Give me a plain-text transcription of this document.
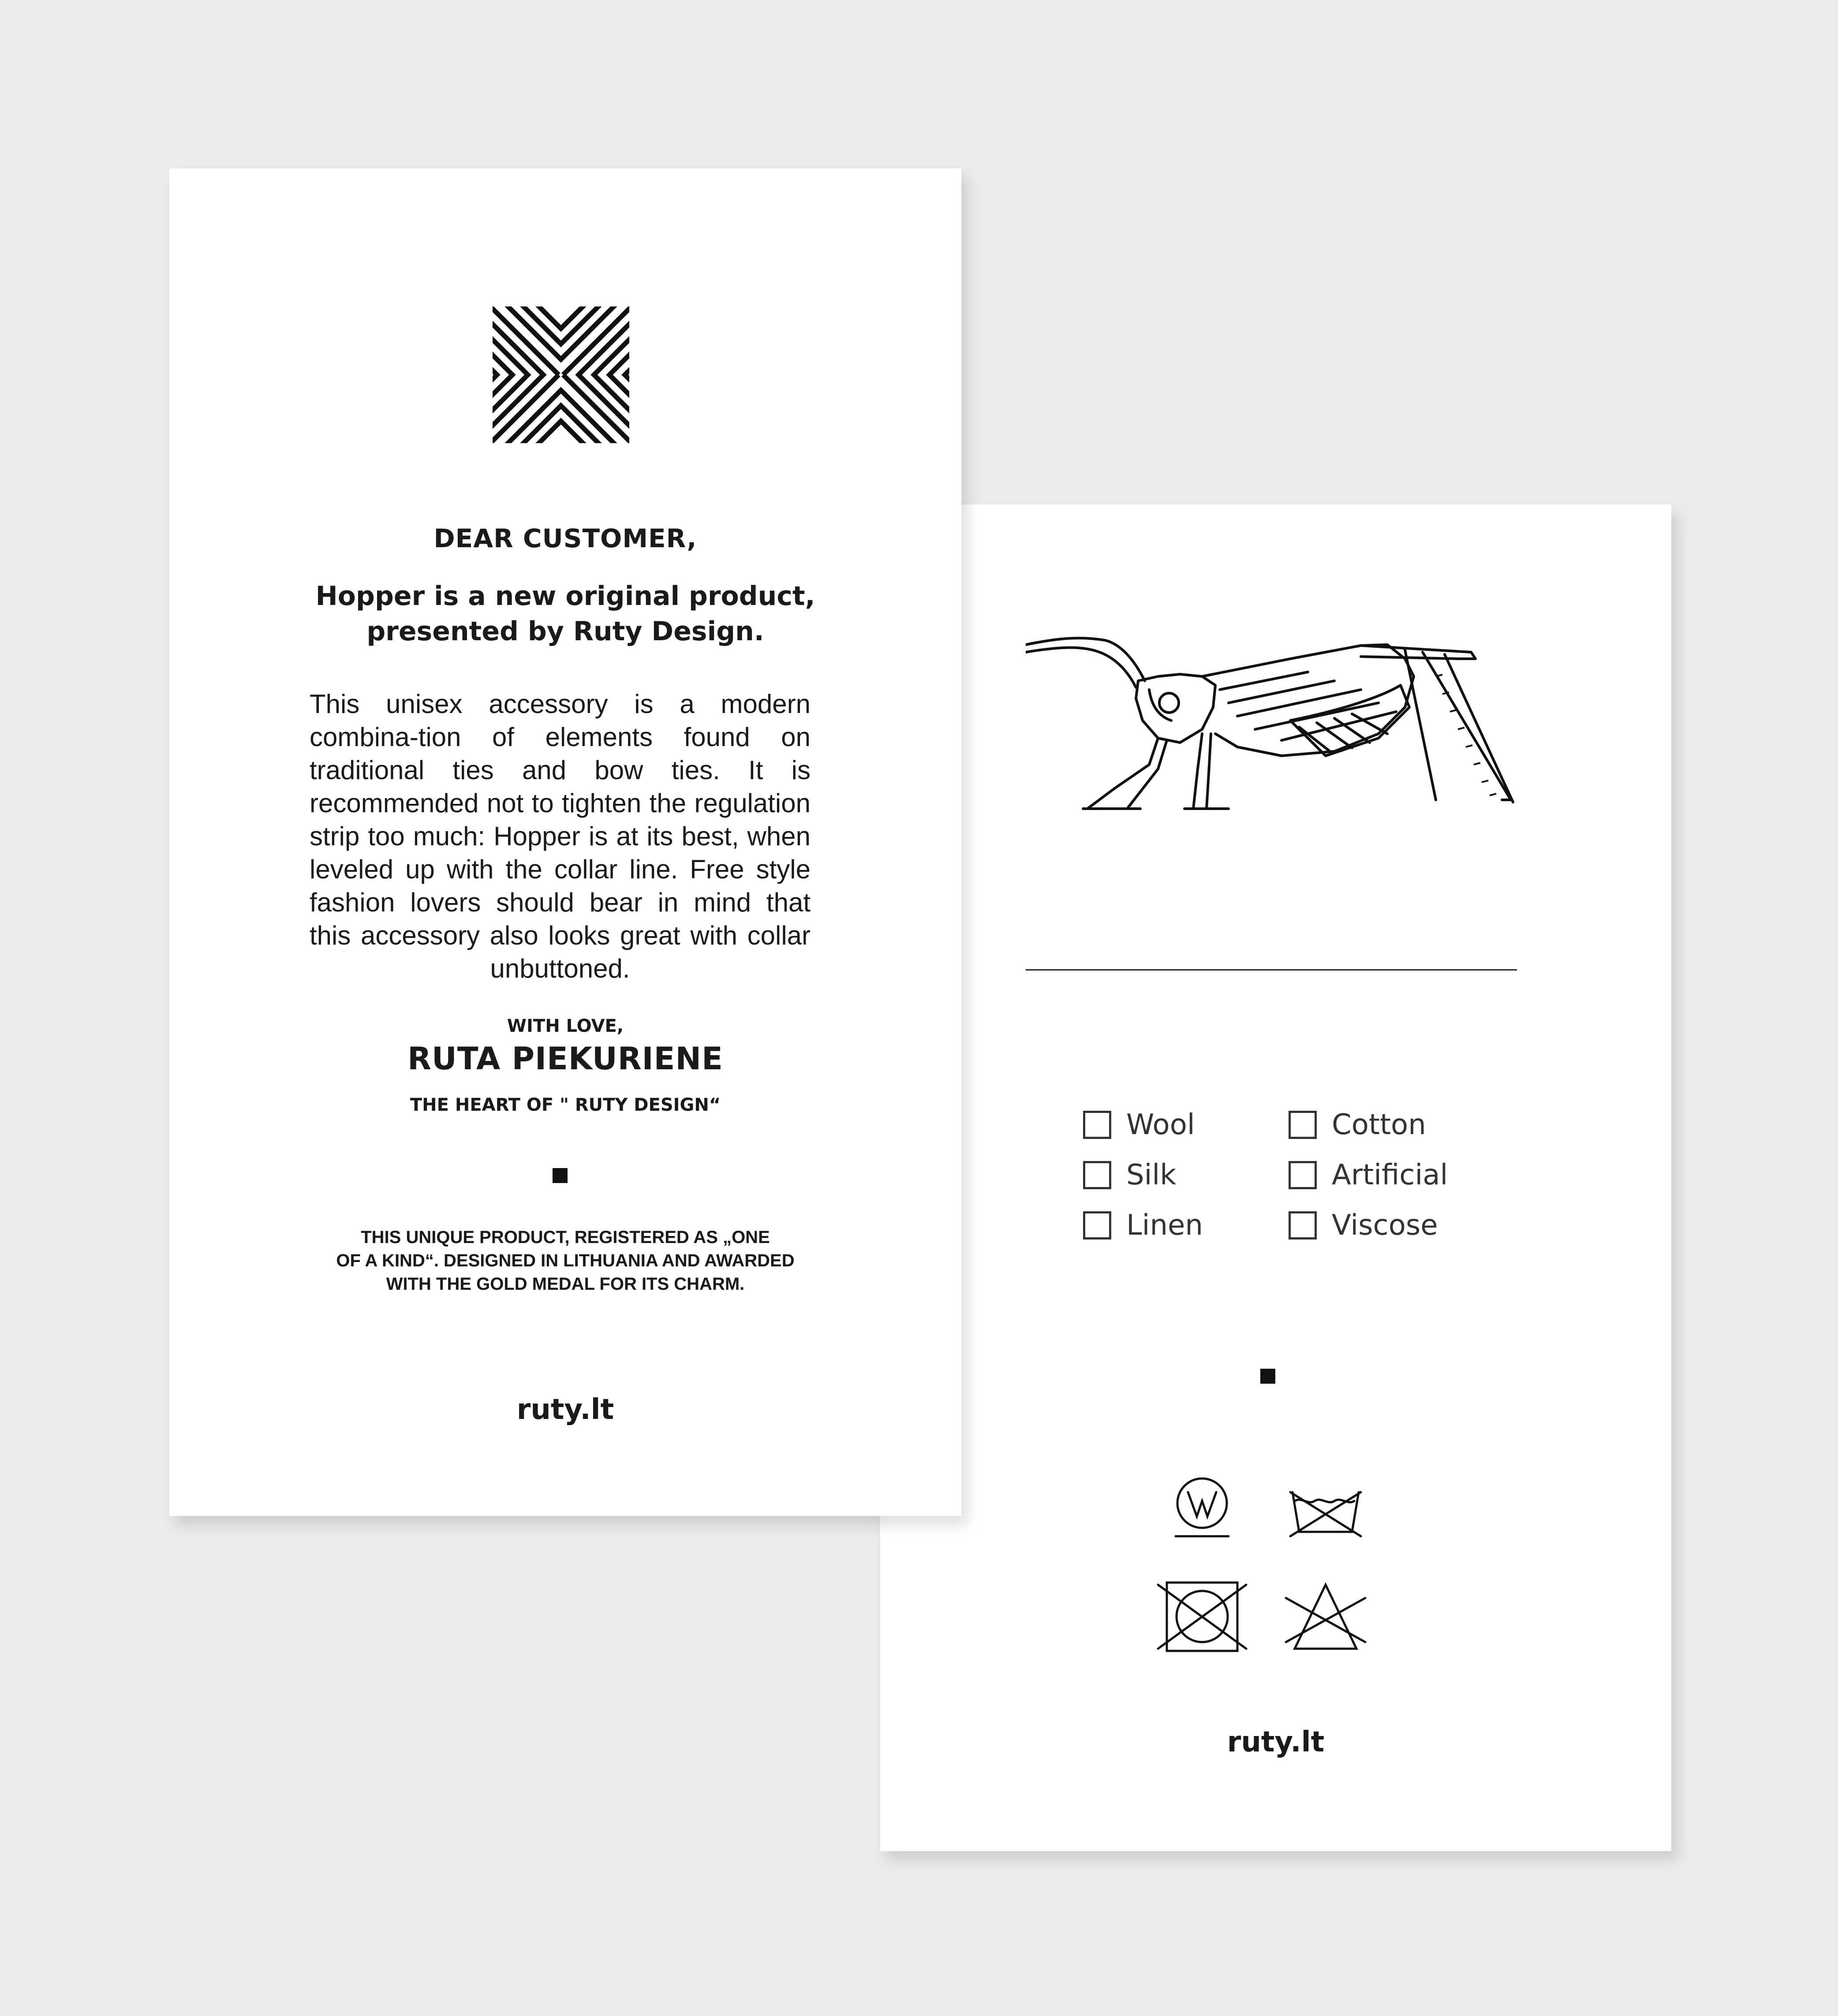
DEAR CUSTOMER,
Hopper is a new original product,
presented by Ruty Design.
This unisex accessory is a modern combina-tion of elements found on traditional ties and bow ties. It is recommended not to tighten the regulation strip too much: Hopper is at its best, when leveled up with the collar line. Free style fashion lovers should bear in mind that this accessory also looks great with collar unbuttoned.
WITH LOVE,
RUTA PIEKURIENE
THE HEART OF " RUTY DESIGN“
THIS UNIQUE PRODUCT, REGISTERED AS „ONE
OF A KIND“. DESIGNED IN LITHUANIA AND AWARDED
WITH THE GOLD MEDAL FOR ITS CHARM.
ruty.lt
Wool
Silk
Linen
Cotton
Artificial
Viscose
ruty.lt
